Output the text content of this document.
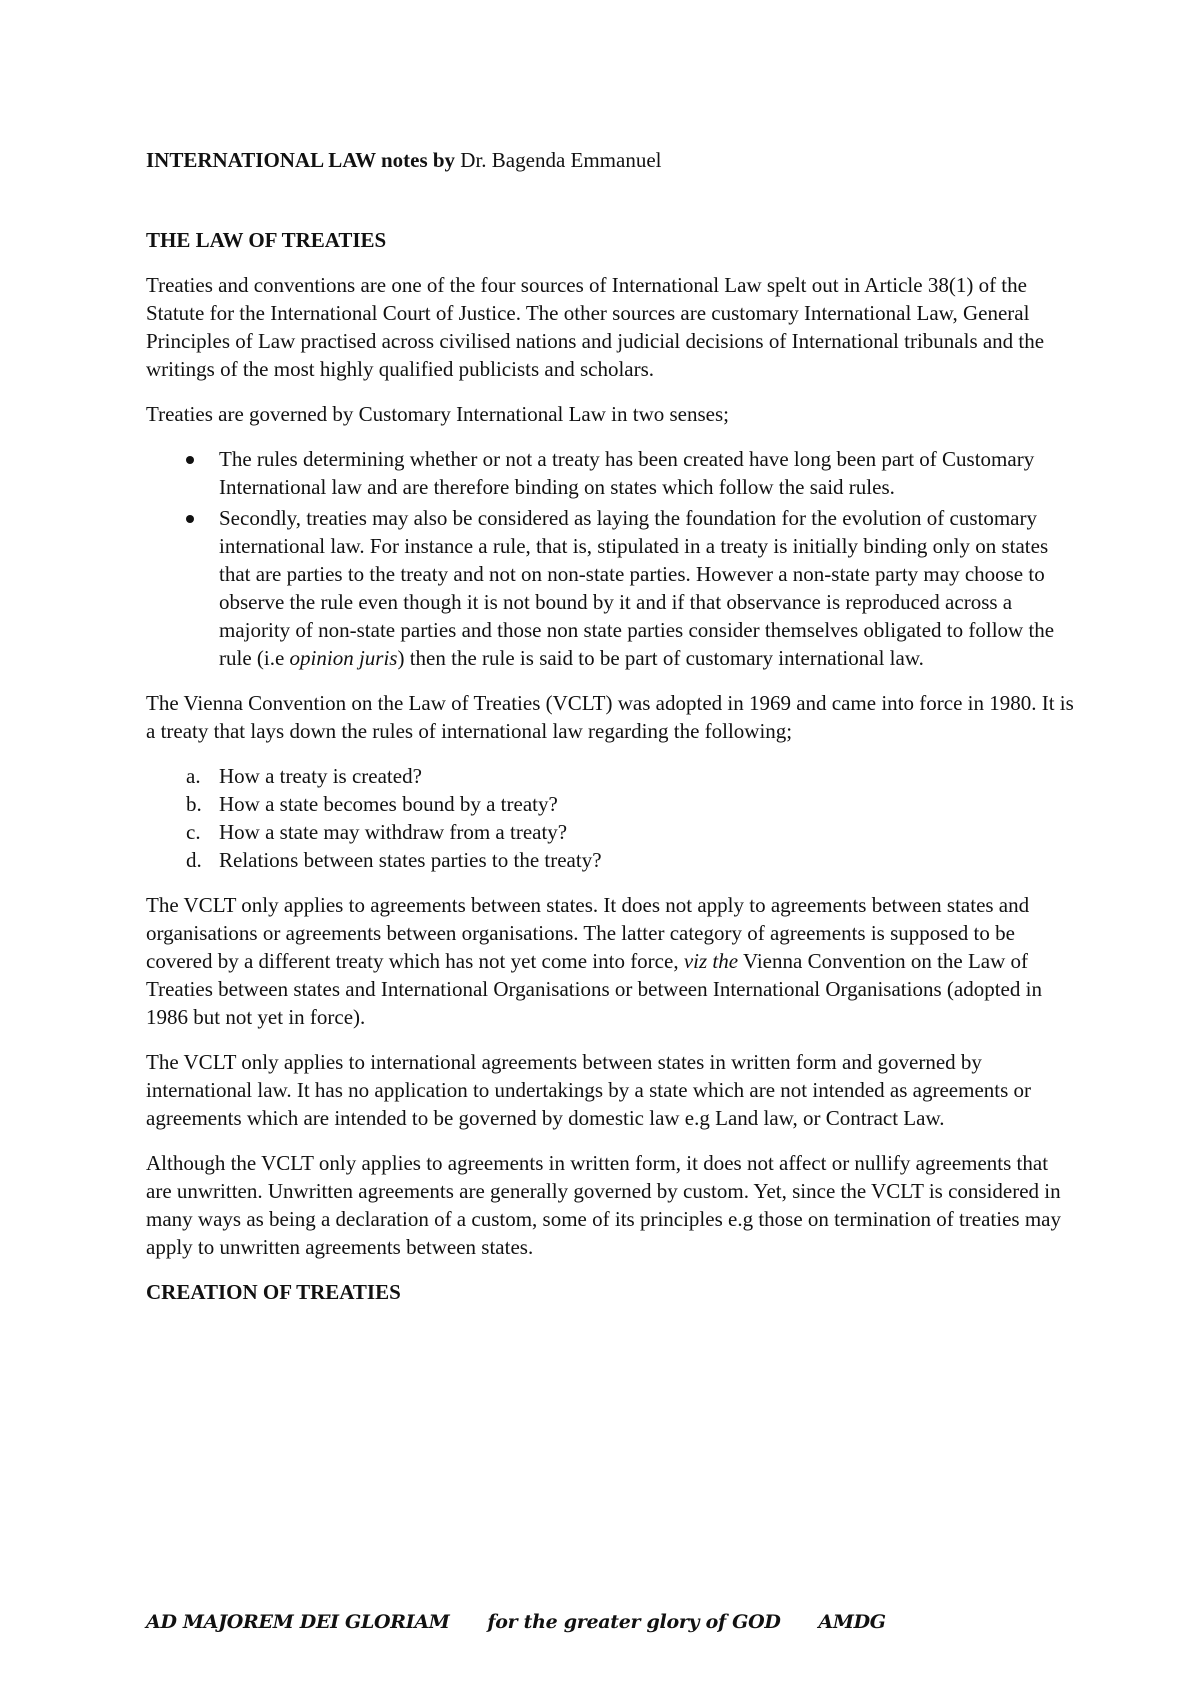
INTERNATIONAL LAW notes by Dr. Bagenda Emmanuel

THE LAW OF TREATIES

Treaties and conventions are one of the four sources of International Law spelt out in Article 38(1) of the Statute for the International Court of Justice. The other sources are customary International Law, General Principles of Law practised across civilised nations and judicial decisions of International tribunals and the writings of the most highly qualified publicists and scholars.

Treaties are governed by Customary International Law in two senses;

The rules determining whether or not a treaty has been created have long been part of Customary International law and are therefore binding on states which follow the said rules.
Secondly, treaties may also be considered as laying the foundation for the evolution of customary international law. For instance a rule, that is, stipulated in a treaty is initially binding only on states that are parties to the treaty and not on non-state parties. However a non-state party may choose to observe the rule even though it is not bound by it and if that observance is reproduced across a majority of non-state parties and those non state parties consider themselves obligated to follow the rule (i.e opinion juris) then the rule is said to be part of customary international law.

The Vienna Convention on the Law of Treaties (VCLT) was adopted in 1969 and came into force in 1980. It is a treaty that lays down the rules of international law regarding the following;

a. How a treaty is created?
b. How a state becomes bound by a treaty?
c. How a state may withdraw from a treaty?
d. Relations between states parties to the treaty?

The VCLT only applies to agreements between states. It does not apply to agreements between states and organisations or agreements between organisations. The latter category of agreements is supposed to be covered by a different treaty which has not yet come into force, viz the Vienna Convention on the Law of Treaties between states and International Organisations or between International Organisations (adopted in 1986 but not yet in force).

The VCLT only applies to international agreements between states in written form and governed by international law. It has no application to undertakings by a state which are not intended as agreements or agreements which are intended to be governed by domestic law e.g Land law, or Contract Law.

Although the VCLT only applies to agreements in written form, it does not affect or nullify agreements that are unwritten. Unwritten agreements are generally governed by custom. Yet, since the VCLT is considered in many ways as being a declaration of a custom, some of its principles e.g those on termination of treaties may apply to unwritten agreements between states.

CREATION OF TREATIES

AD MAJOREM DEI GLORIAM      for the greater glory of GOD      AMDG
